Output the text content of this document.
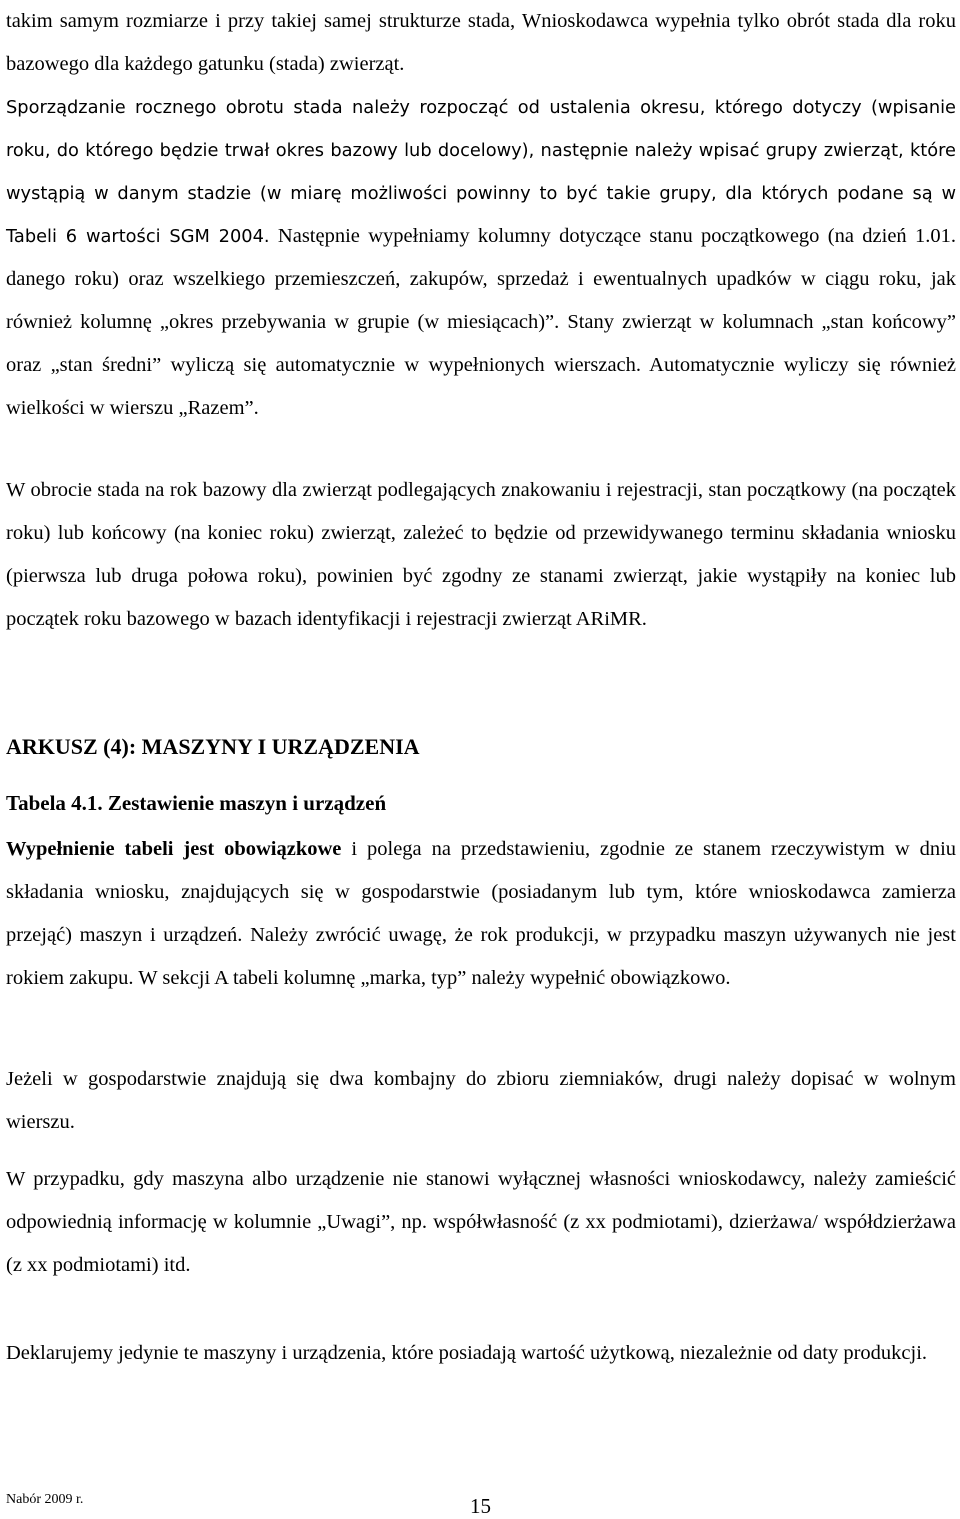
takim samym rozmiarze i przy takiej samej strukturze stada, Wnioskodawca wypełnia tylko obrót stada dla roku bazowego dla każdego gatunku (stada) zwierząt.

Sporządzanie rocznego obrotu stada należy rozpocząć od ustalenia okresu, którego dotyczy (wpisanie roku, do którego będzie trwał okres bazowy lub docelowy), następnie należy wpisać grupy zwierząt, które wystąpią w danym stadzie (w miarę możliwości powinny to być takie grupy, dla których podane są w Tabeli 6 wartości SGM 2004. Następnie wypełniamy kolumny dotyczące stanu początkowego (na dzień 1.01. danego roku) oraz wszelkiego przemieszczeń, zakupów, sprzedaż i ewentualnych upadków w ciągu roku, jak również kolumnę „okres przebywania w grupie (w miesiącach)”. Stany zwierząt w kolumnach „stan końcowy” oraz „stan średni” wyliczą się automatycznie w wypełnionych wierszach. Automatycznie wyliczy się również wielkości w wierszu „Razem”.

W obrocie stada na rok bazowy dla zwierząt podlegających znakowaniu i rejestracji, stan początkowy (na początek roku) lub końcowy (na koniec roku) zwierząt, zależeć to będzie od przewidywanego terminu składania wniosku (pierwsza lub druga połowa roku), powinien być zgodny ze stanami zwierząt, jakie wystąpiły na koniec lub początek roku bazowego w bazach identyfikacji i rejestracji zwierząt ARiMR.

ARKUSZ (4): MASZYNY I URZĄDZENIA
Tabela 4.1. Zestawienie maszyn i urządzeń

Wypełnienie tabeli jest obowiązkowe i polega na przedstawieniu, zgodnie ze stanem rzeczywistym w dniu składania wniosku, znajdujących się w gospodarstwie (posiadanym lub tym, które wnioskodawca zamierza przejąć) maszyn i urządzeń. Należy zwrócić uwagę, że rok produkcji, w przypadku maszyn używanych nie jest rokiem zakupu. W sekcji A tabeli kolumnę „marka, typ” należy wypełnić obowiązkowo.

Jeżeli w gospodarstwie znajdują się dwa kombajny do zbioru ziemniaków, drugi należy dopisać w wolnym wierszu.

W przypadku, gdy maszyna albo urządzenie nie stanowi wyłącznej własności wnioskodawcy, należy zamieścić odpowiednią informację w kolumnie „Uwagi”, np. współwłasność (z xx podmiotami), dzierżawa/ współdzierżawa (z xx podmiotami) itd.

Deklarujemy jedynie te maszyny i urządzenia, które posiadają wartość użytkową, niezależnie od daty produkcji.

Nabór 2009 r.	15
